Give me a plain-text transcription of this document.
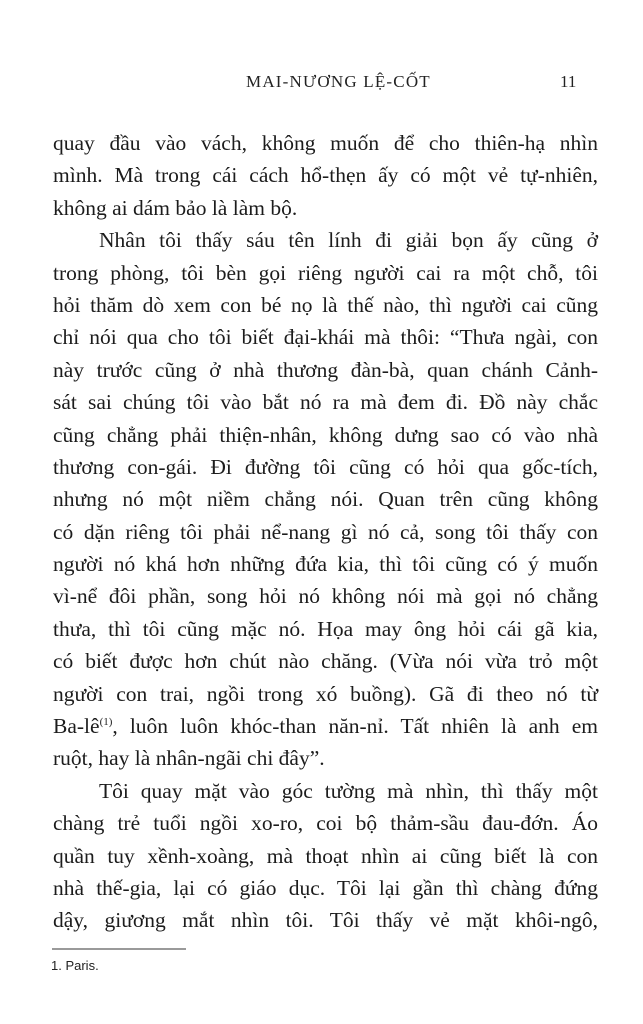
MAI-NƯƠNG LỆ-CỐT	11
quay đầu vào vách, không muốn để cho thiên-hạ nhìn
mình. Mà trong cái cách hổ-thẹn ấy có một vẻ tự-nhiên,
không ai dám bảo là làm bộ.
Nhân tôi thấy sáu tên lính đi giải bọn ấy cũng ở
trong phòng, tôi bèn gọi riêng người cai ra một chỗ, tôi
hỏi thăm dò xem con bé nọ là thế nào, thì người cai cũng
chỉ nói qua cho tôi biết đại-khái mà thôi: “Thưa ngài, con
này trước cũng ở nhà thương đàn-bà, quan chánh Cảnh-
sát sai chúng tôi vào bắt nó ra mà đem đi. Đồ này chắc
cũng chẳng phải thiện-nhân, không dưng sao có vào nhà
thương con-gái. Đi đường tôi cũng có hỏi qua gốc-tích,
nhưng nó một niềm chẳng nói. Quan trên cũng không
có dặn riêng tôi phải nể-nang gì nó cả, song tôi thấy con
người nó khá hơn những đứa kia, thì tôi cũng có ý muốn
vì-nể đôi phần, song hỏi nó không nói mà gọi nó chẳng
thưa, thì tôi cũng mặc nó. Họa may ông hỏi cái gã kia,
có biết được hơn chút nào chăng. (Vừa nói vừa trỏ một
người con trai, ngồi trong xó buồng). Gã đi theo nó từ
$Ba-lê^{(1)}$, luôn luôn khóc-than năn-nỉ. Tất nhiên là anh em
ruột, hay là nhân-ngãi chi đây”.
Tôi quay mặt vào góc tường mà nhìn, thì thấy một
chàng trẻ tuổi ngồi xo-ro, coi bộ thảm-sầu đau-đớn. Áo
quần tuy xềnh-xoàng, mà thoạt nhìn ai cũng biết là con
nhà thế-gia, lại có giáo dục. Tôi lại gần thì chàng đứng
dậy, giương mắt nhìn tôi. Tôi thấy vẻ mặt khôi-ngô,
1. Paris.
